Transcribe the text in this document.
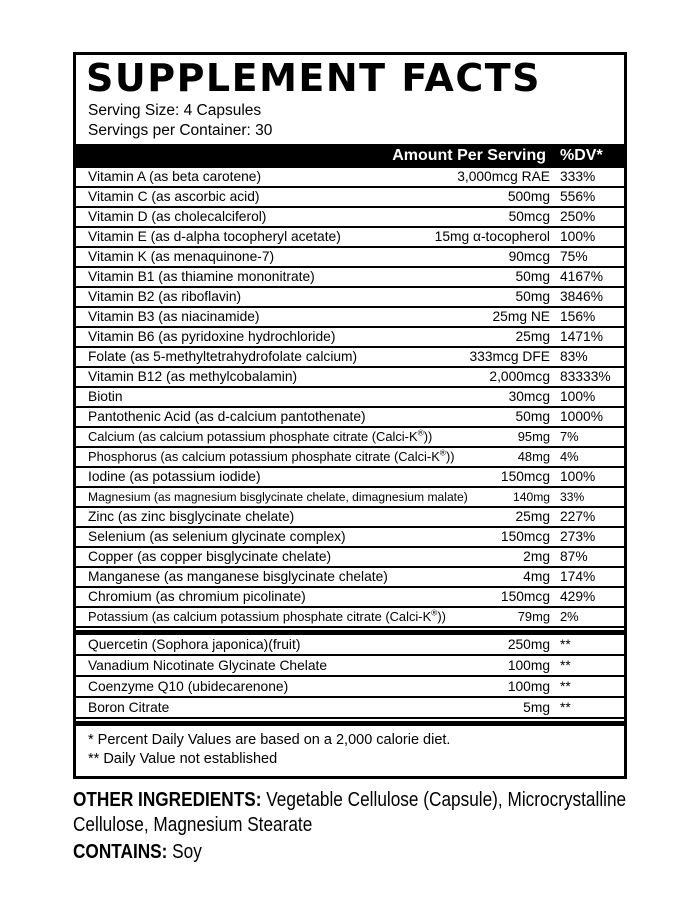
SUPPLEMENT FACTS
Serving Size: 4 Capsules
Servings per Container: 30
Amount Per Serving %DV*
Vitamin A (as beta carotene)	3,000mcg RAE 333%
Vitamin C (as ascorbic acid)	500mg 556%
Vitamin D (as cholecalciferol)	50mcg 250%
Vitamin E (as d-alpha tocopheryl acetate)	15mg α-tocopherol 100%
Vitamin K (as menaquinone-7)	90mcg 75%
Vitamin B1 (as thiamine mononitrate)	50mg 4167%
Vitamin B2 (as riboflavin)	50mg 3846%
Vitamin B3 (as niacinamide)	25mg NE 156%
Vitamin B6 (as pyridoxine hydrochloride)	25mg 1471%
Folate (as 5-methyltetrahydrofolate calcium)	333mcg DFE 83%
Vitamin B12 (as methylcobalamin)	2,000mcg 83333%
Biotin	30mcg 100%
Pantothenic Acid (as d-calcium pantothenate)	50mg 1000%
Calcium (as calcium potassium phosphate citrate (Calci-K®))	95mg 7%
Phosphorus (as calcium potassium phosphate citrate (Calci-K®))	48mg 4%
Iodine (as potassium iodide)	150mcg 100%
Magnesium (as magnesium bisglycinate chelate, dimagnesium malate)	140mg 33%
Zinc (as zinc bisglycinate chelate)	25mg 227%
Selenium (as selenium glycinate complex)	150mcg 273%
Copper (as copper bisglycinate chelate)	2mg 87%
Manganese (as manganese bisglycinate chelate)	4mg 174%
Chromium (as chromium picolinate)	150mcg 429%
Potassium (as calcium potassium phosphate citrate (Calci-K®))	79mg 2%
Quercetin (Sophora japonica)(fruit)	250mg **
Vanadium Nicotinate Glycinate Chelate	100mg **
Coenzyme Q10 (ubidecarenone)	100mg **
Boron Citrate	5mg **
* Percent Daily Values are based on a 2,000 calorie diet.
** Daily Value not established

OTHER INGREDIENTS: Vegetable Cellulose (Capsule), Microcrystalline Cellulose, Magnesium Stearate

CONTAINS: Soy
